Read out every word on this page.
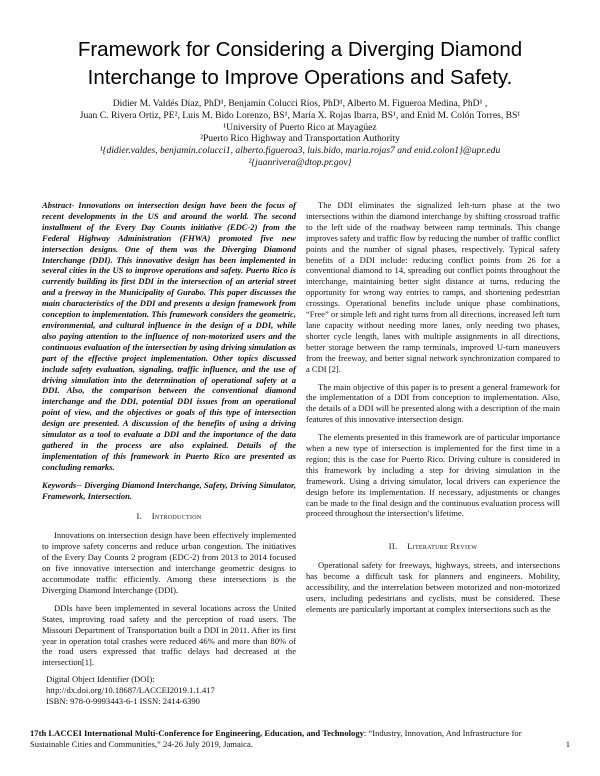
Framework for Considering a Diverging Diamond
Interchange to Improve Operations and Safety.
Didier M. Valdés Díaz, PhD¹, Benjamín Colucci Ríos, PhD¹, Alberto M. Figueroa Medina, PhD¹ ,
Juan C. Rivera Ortiz, PE², Luis M. Bido Lorenzo, BS¹, María X. Rojas Ibarra, BS¹, and Enid M. Colón Torres, BS¹
¹University of Puerto Rico at Mayagüez
²Puerto Rico Highway and Transportation Authority
¹{didier.valdes, benjamin.colucci1, alberto.figueroa3, luis.bido, maria.rojas7 and enid.colon1}@upr.edu
²{juanrivera@dtop.pr.gov}

Abstract- Innovations on intersection design have been the focus of recent developments in the US and around the world. The second installment of the Every Day Counts initiative (EDC-2) from the Federal Highway Administration (FHWA) promoted five new intersection designs. One of them was the Diverging Diamond Interchange (DDI). This innovative design has been implemented in several cities in the US to improve operations and safety. Puerto Rico is currently building its first DDI in the intersection of an arterial street and a freeway in the Municipality of Gurabo. This paper discusses the main characteristics of the DDI and presents a design framework from conception to implementation. This framework considers the geometric, environmental, and cultural influence in the design of a DDI, while also paying attention to the influence of non-motorized users and the continuous evaluation of the intersection by using driving simulation as part of the effective project implementation. Other topics discussed include safety evaluation, signaling, traffic influence, and the use of driving simulation into the determination of operational safety at a DDI. Also, the comparison between the conventional diamond interchange and the DDI, potential DDI issues from an operational point of view, and the objectives or goals of this type of intersection design are presented. A discussion of the benefits of using a driving simulator as a tool to evaluate a DDI and the importance of the data gathered in the process are also explained. Details of the implementation of this framework in Puerto Rico are presented as concluding remarks.

Keywords-- Diverging Diamond Interchange, Safety, Driving Simulator, Framework, Intersection.

I. Introduction

Innovations on intersection design have been effectively implemented to improve safety concerns and reduce urban congestion. The initiatives of the Every Day Counts 2 program (EDC-2) from 2013 to 2014 focused on five innovative intersection and interchange geometric designs to accommodate traffic efficiently. Among these intersections is the Diverging Diamond Interchange (DDI).

DDIs have been implemented in several locations across the United States, improving road safety and the perception of road users. The Missouri Department of Transportation built a DDI in 2011. After its first year in operation total crashes were reduced 46% and more than 80% of the road users expressed that traffic delays had decreased at the intersection[1].

Digital Object Identifier (DOI):
http://dx.doi.org/10.18687/LACCEI2019.1.1.417
ISBN: 978-0-9993443-6-1 ISSN: 2414-6390

The DDI eliminates the signalized left-turn phase at the two intersections within the diamond interchange by shifting crossroad traffic to the left side of the roadway between ramp terminals. This change improves safety and traffic flow by reducing the number of traffic conflict points and the number of signal phases, respectively. Typical safety benefits of a DDI include: reducing conflict points from 26 for a conventional diamond to 14, spreading out conflict points throughout the interchange, maintaining better sight distance at turns, reducing the opportunity for wrong way entries to ramps, and shortening pedestrian crossings. Operational benefits include unique phase combinations, “Free” or simple left and right turns from all directions, increased left turn lane capacity without needing more lanes, only needing two phases, shorter cycle length, lanes with multiple assignments in all directions, better storage between the ramp terminals, improved U-turn maneuvers from the freeway, and better signal network synchronization compared to a CDI [2].

The main objective of this paper is to present a general framework for the implementation of a DDI from conception to implementation. Also, the details of a DDI will be presented along with a description of the main features of this innovative intersection design.

The elements presented in this framework are of particular importance when a new type of intersection is implemented for the first time in a region; this is the case for Puerto Rico. Driving culture is considered in this framework by including a step for driving simulation in the framework. Using a driving simulator, local drivers can experience the design before its implementation. If necessary, adjustments or changes can be made to the final design and the continuous evaluation process will proceed throughout the intersection’s lifetime.

II. Literature Review

Operational safety for freeways, highways, streets, and intersections has become a difficult task for planners and engineers. Mobility, accessibility, and the interrelation between motorized and non-motorized users, including pedestrians and cyclists, must be considered. These elements are particularly important at complex intersections such as the

17th LACCEI International Multi-Conference for Engineering, Education, and Technology: “Industry, Innovation, And Infrastructure for Sustainable Cities and Communities,” 24-26 July 2019, Jamaica.	1
